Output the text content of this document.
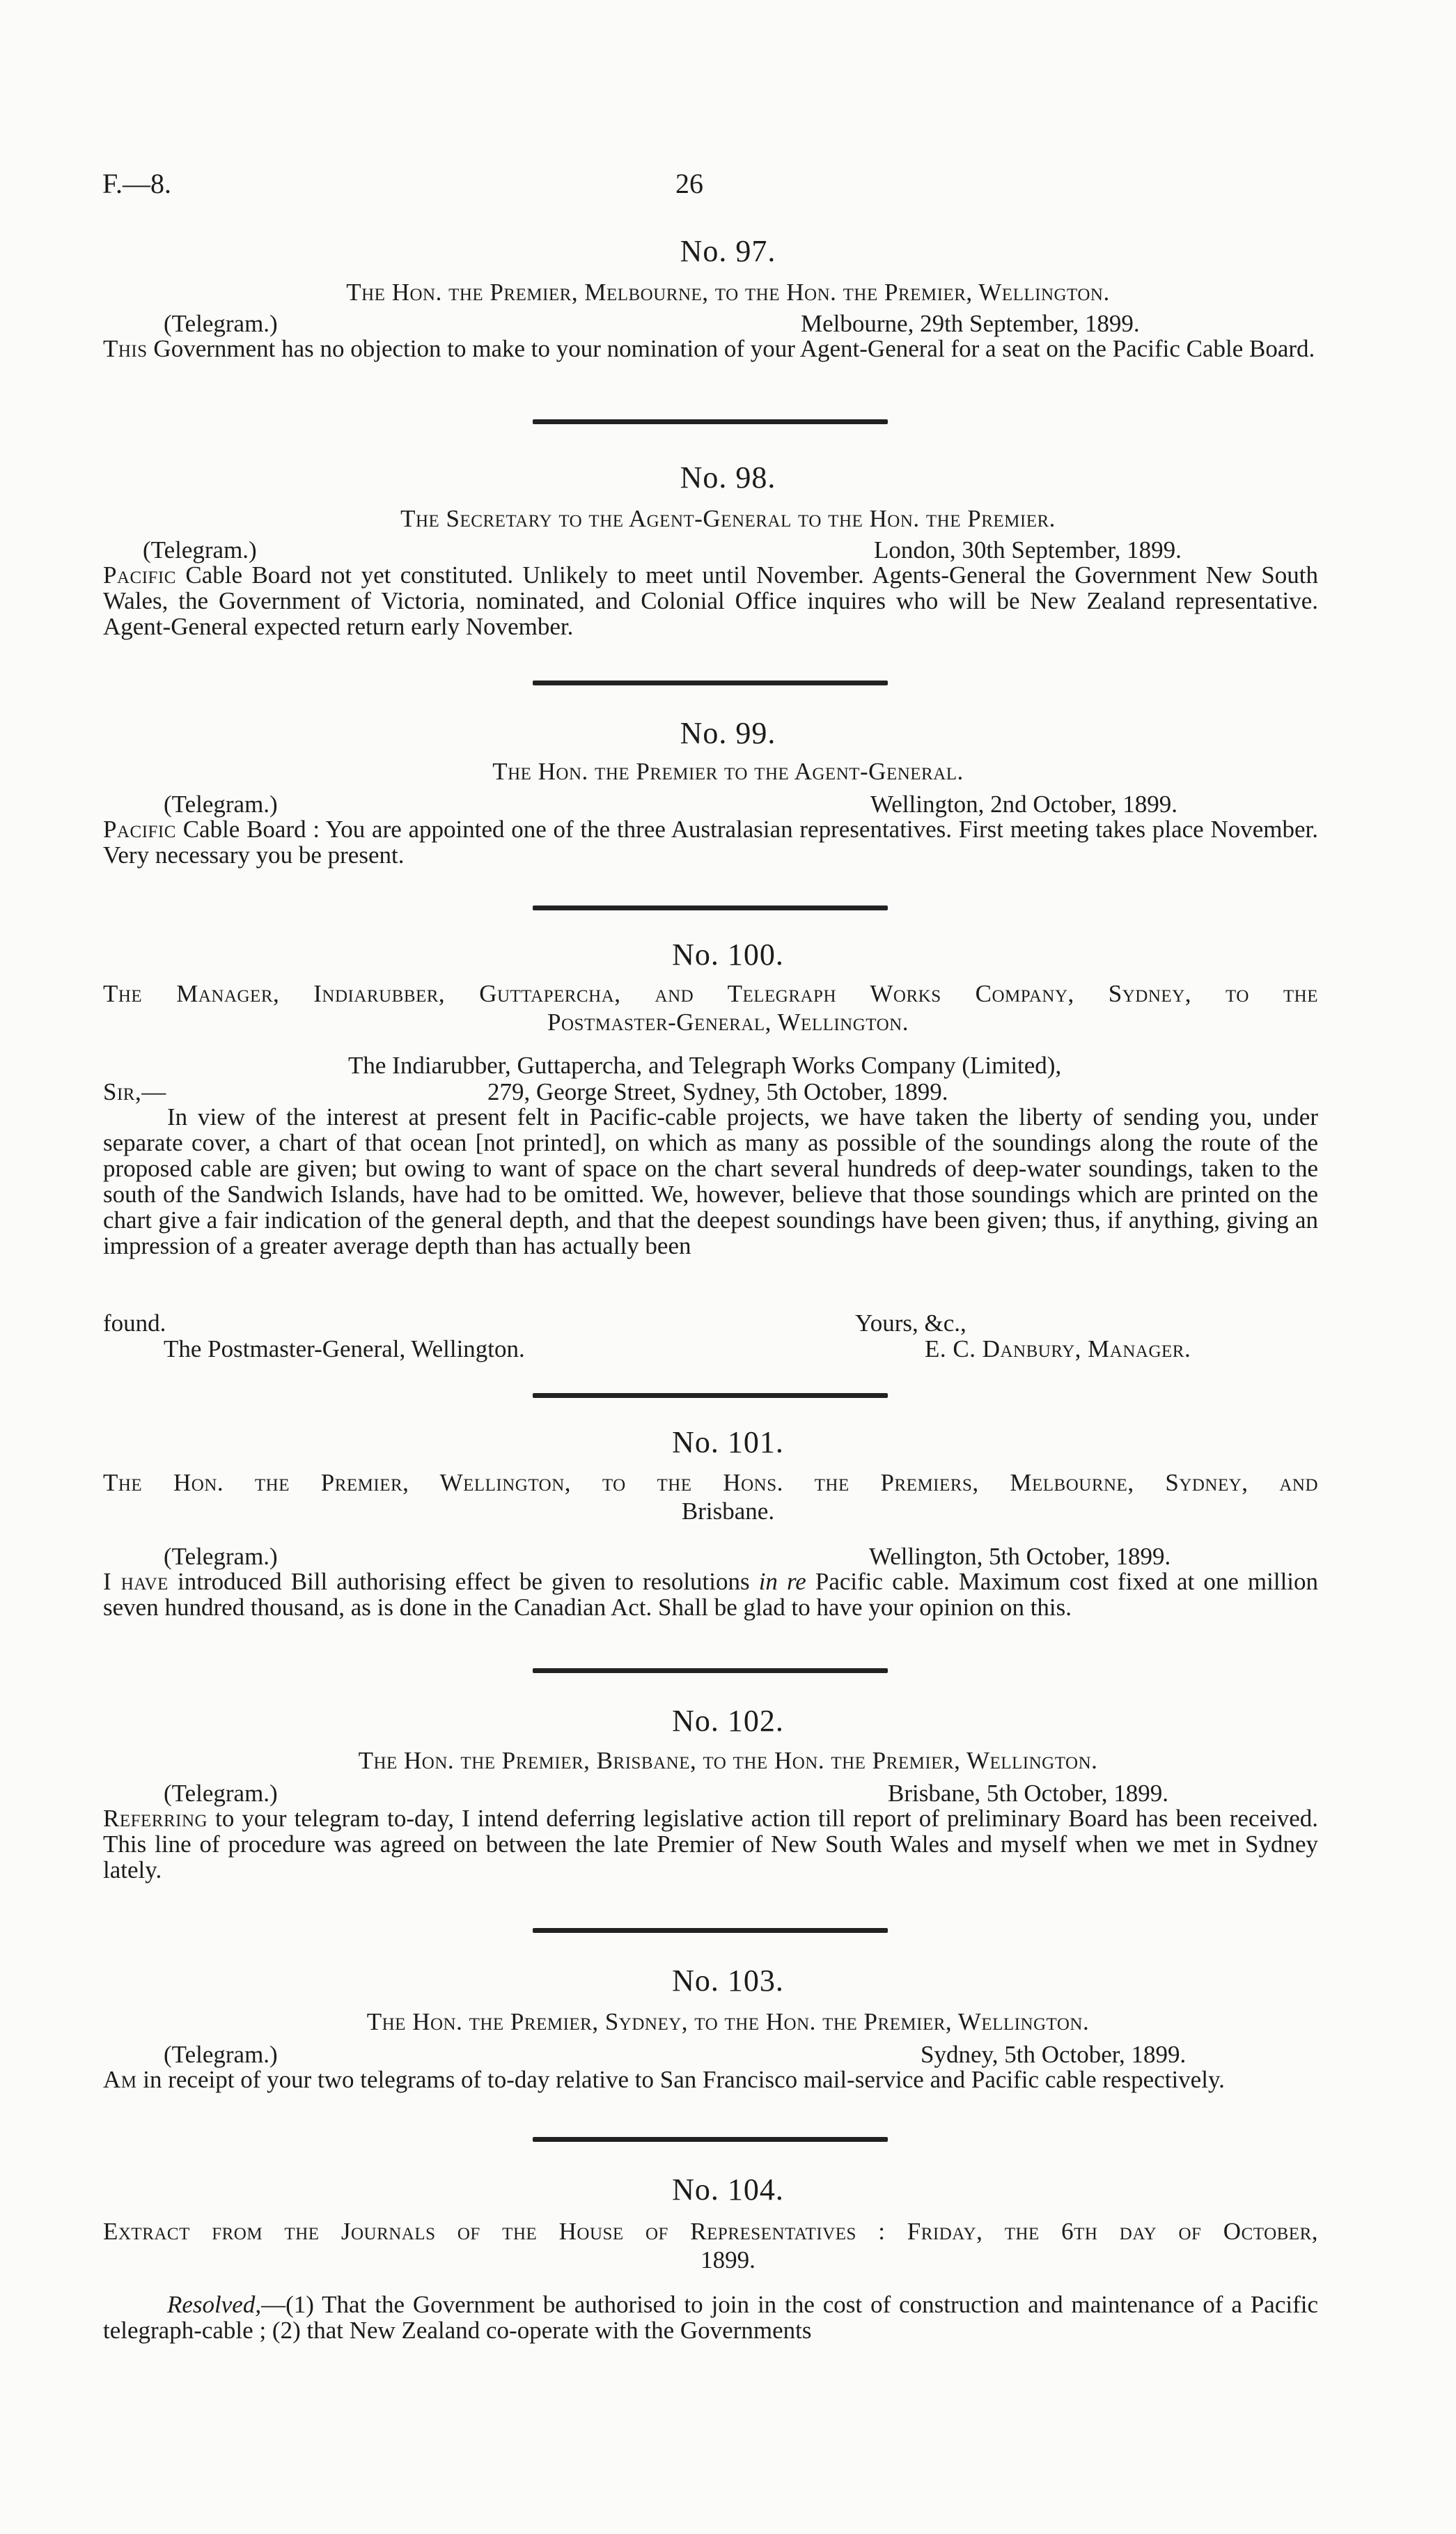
F.—8.	26
No. 97.
The Hon. the Premier, Melbourne, to the Hon. the Premier, Wellington.
(Telegram.)	Melbourne, 29th September, 1899.
This Government has no objection to make to your nomination of your Agent-General for a seat on the Pacific Cable Board.
No. 98.
The Secretary to the Agent-General to the Hon. the Premier.
(Telegram.)	London, 30th September, 1899.
Pacific Cable Board not yet constituted. Unlikely to meet until November. Agents-General the Government New South Wales, the Government of Victoria, nominated, and Colonial Office inquires who will be New Zealand representative. Agent-General expected return early November.
No. 99.
The Hon. the Premier to the Agent-General.
(Telegram.)	Wellington, 2nd October, 1899.
Pacific Cable Board : You are appointed one of the three Australasian representatives. First meeting takes place November. Very necessary you be present.
No. 100.
The Manager, Indiarubber, Guttapercha, and Telegraph Works Company, Sydney, to the
Postmaster-General, Wellington.
The Indiarubber, Guttapercha, and Telegraph Works Company (Limited),
Sir,—	279, George Street, Sydney, 5th October, 1899.
In view of the interest at present felt in Pacific-cable projects, we have taken the liberty of sending you, under separate cover, a chart of that ocean [not printed], on which as many as possible of the soundings along the route of the proposed cable are given; but owing to want of space on the chart several hundreds of deep-water soundings, taken to the south of the Sandwich Islands, have had to be omitted. We, however, believe that those soundings which are printed on the chart give a fair indication of the general depth, and that the deepest soundings have been given; thus, if anything, giving an impression of a greater average depth than has actually been
found.	Yours, &c.,
The Postmaster-General, Wellington.	E. C. Danbury, Manager.
No. 101.
The Hon. the Premier, Wellington, to the Hons. the Premiers, Melbourne, Sydney, and
Brisbane.
(Telegram.)	Wellington, 5th October, 1899.
I have introduced Bill authorising effect be given to resolutions in re Pacific cable. Maximum cost fixed at one million seven hundred thousand, as is done in the Canadian Act. Shall be glad to have your opinion on this.
No. 102.
The Hon. the Premier, Brisbane, to the Hon. the Premier, Wellington.
(Telegram.)	Brisbane, 5th October, 1899.
Referring to your telegram to-day, I intend deferring legislative action till report of preliminary Board has been received. This line of procedure was agreed on between the late Premier of New South Wales and myself when we met in Sydney lately.
No. 103.
The Hon. the Premier, Sydney, to the Hon. the Premier, Wellington.
(Telegram.)	Sydney, 5th October, 1899.
Am in receipt of your two telegrams of to-day relative to San Francisco mail-service and Pacific cable respectively.
No. 104.
Extract from the Journals of the House of Representatives : Friday, the 6th day of October,
1899.
Resolved,—(1) That the Government be authorised to join in the cost of construction and maintenance of a Pacific telegraph-cable ; (2) that New Zealand co-operate with the Governments
